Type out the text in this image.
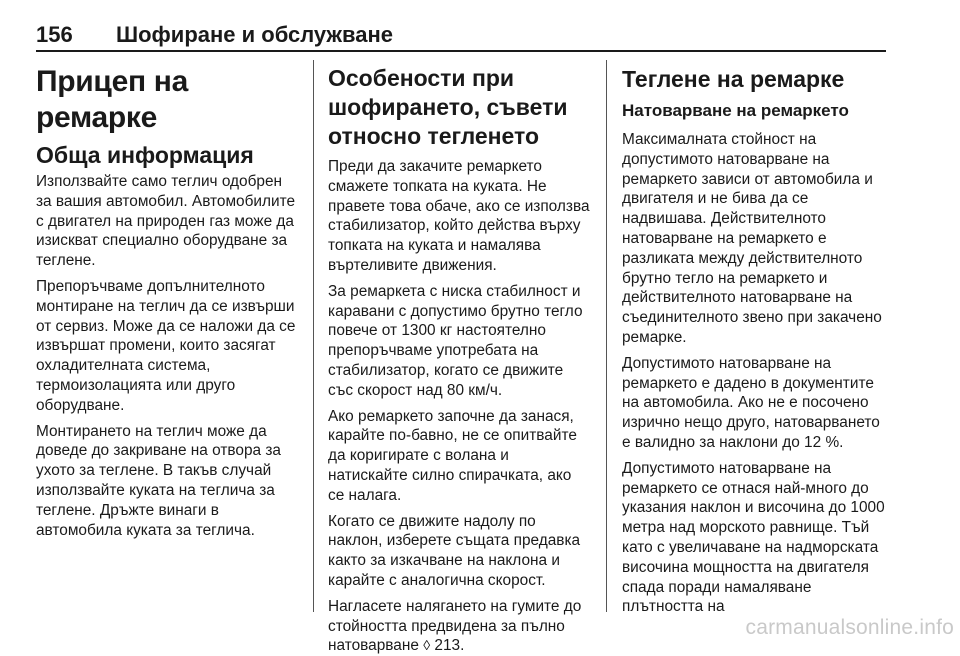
156	Шофиране и обслужване
Прицеп на ремарке
Обща информация

Използвайте само теглич одобрен за вашия автомобил. Автомобилите с двигател на природен газ може да изискват специално оборудване за теглене.

Препоръчваме допълнителното монтиране на теглич да се извърши от сервиз. Може да се наложи да се извършат промени, които засягат охладителната система, термоизолацията или друго оборудване.

Монтирането на теглич може да доведе до закриване на отвора за ухото за теглене. В такъв случай използвайте куката на теглича за теглене. Дръжте винаги в автомобила куката за теглича.

Особености при шофирането, съвети относно тегленето

Преди да закачите ремаркето смажете топката на куката. Не правете това обаче, ако се използва стабилизатор, който действа върху топката на куката и намалява въртеливите движения.

За ремаркета с ниска стабилност и каравани с допустимо брутно тегло повече от 1300 кг настоятелно препоръчваме употребата на стабилизатор, когато се движите със скорост над 80 км/ч.

Ако ремаркето започне да занася, карайте по-бавно, не се опитвайте да коригирате с волана и натискайте силно спирачката, ако се налага.

Когато се движите надолу по наклон, изберете същата предавка както за изкачване на наклона и карайте с аналогична скорост.

Нагласете налягането на гумите до стойността предвидена за пълно натоварване ◊ 213.

Теглене на ремарке
Натоварване на ремаркето

Максималната стойност на допустимото натоварване на ремаркето зависи от автомобила и двигателя и не бива да се надвишава. Действителното натоварване на ремаркето е разликата между действителното брутно тегло на ремаркето и действителното натоварване на съединителното звено при закачено ремарке.

Допустимото натоварване на ремаркето е дадено в документите на автомобила. Ако не е посочено изрично нещо друго, натоварването е валидно за наклони до 12 %.

Допустимото натоварване на ремаркето се отнася най-много до указания наклон и височина до 1000 метра над морското равнище. Тъй като с увеличаване на надморската височина мощността на двигателя спада поради намаляване плътността на

carmanualsonline.info
